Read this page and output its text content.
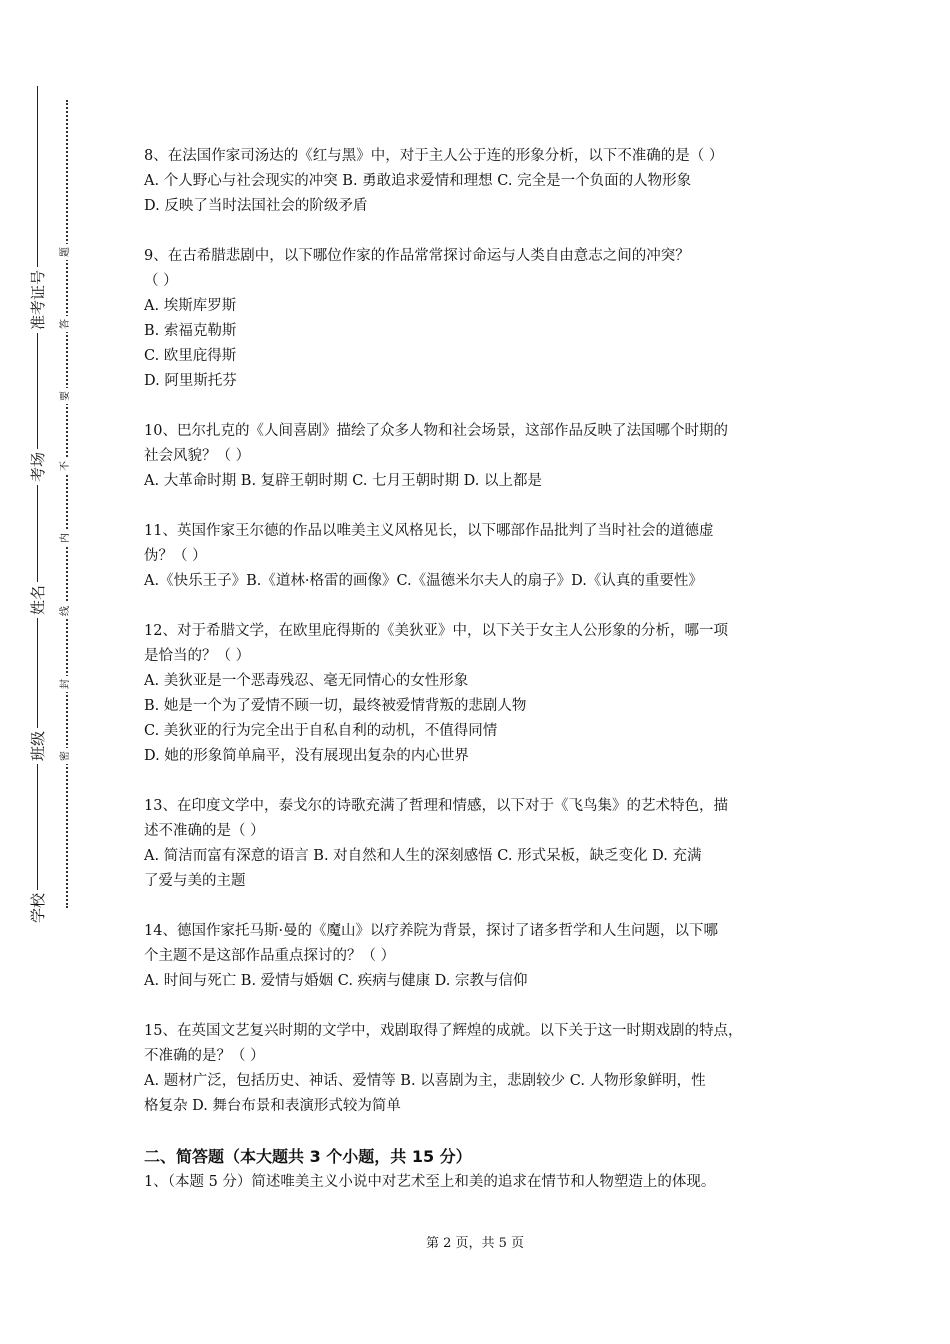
学校
班级
姓名
考场
准考证号
密
封
线
内
不
要
答
题
8、在法国作家司汤达的《红与黑》中，对于主人公于连的形象分析，以下不准确的是（ ）
A. 个人野心与社会现实的冲突 B. 勇敢追求爱情和理想 C. 完全是一个负面的人物形象
D. 反映了当时法国社会的阶级矛盾
9、在古希腊悲剧中，以下哪位作家的作品常常探讨命运与人类自由意志之间的冲突？
（ ）
A. 埃斯库罗斯
B. 索福克勒斯
C. 欧里庇得斯
D. 阿里斯托芬
10、巴尔扎克的《人间喜剧》描绘了众多人物和社会场景，这部作品反映了法国哪个时期的
社会风貌？（ ）
A. 大革命时期 B. 复辟王朝时期 C. 七月王朝时期 D. 以上都是
11、英国作家王尔德的作品以唯美主义风格见长，以下哪部作品批判了当时社会的道德虚
伪？（ ）
A.《快乐王子》B.《道林·格雷的画像》C.《温德米尔夫人的扇子》D.《认真的重要性》
12、对于希腊文学，在欧里庇得斯的《美狄亚》中，以下关于女主人公形象的分析，哪一项
是恰当的？（ ）
A. 美狄亚是一个恶毒残忍、毫无同情心的女性形象
B. 她是一个为了爱情不顾一切，最终被爱情背叛的悲剧人物
C. 美狄亚的行为完全出于自私自利的动机，不值得同情
D. 她的形象简单扁平，没有展现出复杂的内心世界
13、在印度文学中，泰戈尔的诗歌充满了哲理和情感，以下对于《飞鸟集》的艺术特色，描
述不准确的是（ ）
A. 简洁而富有深意的语言 B. 对自然和人生的深刻感悟 C. 形式呆板，缺乏变化 D. 充满
了爱与美的主题
14、德国作家托马斯·曼的《魔山》以疗养院为背景，探讨了诸多哲学和人生问题，以下哪
个主题不是这部作品重点探讨的？（ ）
A. 时间与死亡 B. 爱情与婚姻 C. 疾病与健康 D. 宗教与信仰
15、在英国文艺复兴时期的文学中，戏剧取得了辉煌的成就。以下关于这一时期戏剧的特点，
不准确的是？（ ）
A. 题材广泛，包括历史、神话、爱情等 B. 以喜剧为主，悲剧较少 C. 人物形象鲜明，性
格复杂 D. 舞台布景和表演形式较为简单
二、简答题（本大题共 3 个小题，共 15 分）
1、（本题 5 分）简述唯美主义小说中对艺术至上和美的追求在情节和人物塑造上的体现。
第 2 页，共 5 页
